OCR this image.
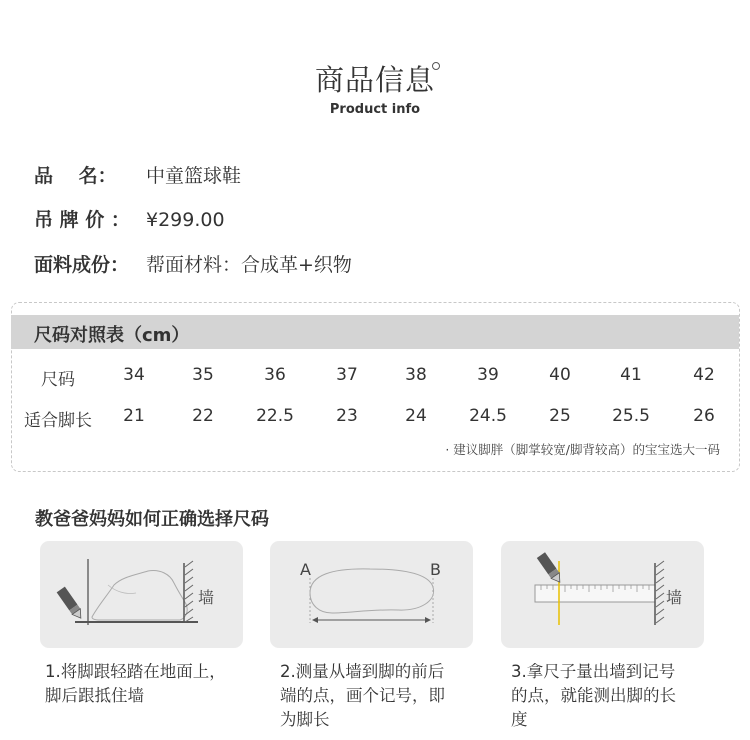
商品信息
Product info
品　 名： 中童篮球鞋
吊 牌 价 ： ¥299.00
面料成份： 帮面材料：合成革+织物
尺码对照表（cm）
尺码	34	35	36	37	38	39	40	41	42
适合脚长	21	22	22.5	23	24	24.5	25	25.5	26
· 建议脚胖（脚掌较宽/脚背较高）的宝宝选大一码
教爸爸妈妈如何正确选择尺码
墙
A	B
墙
1.将脚跟轻踏在地面上，
脚后跟抵住墙
2.测量从墙到脚的前后
端的点，画个记号，即
为脚长
3.拿尺子量出墙到记号
的点，就能测出脚的长
度
